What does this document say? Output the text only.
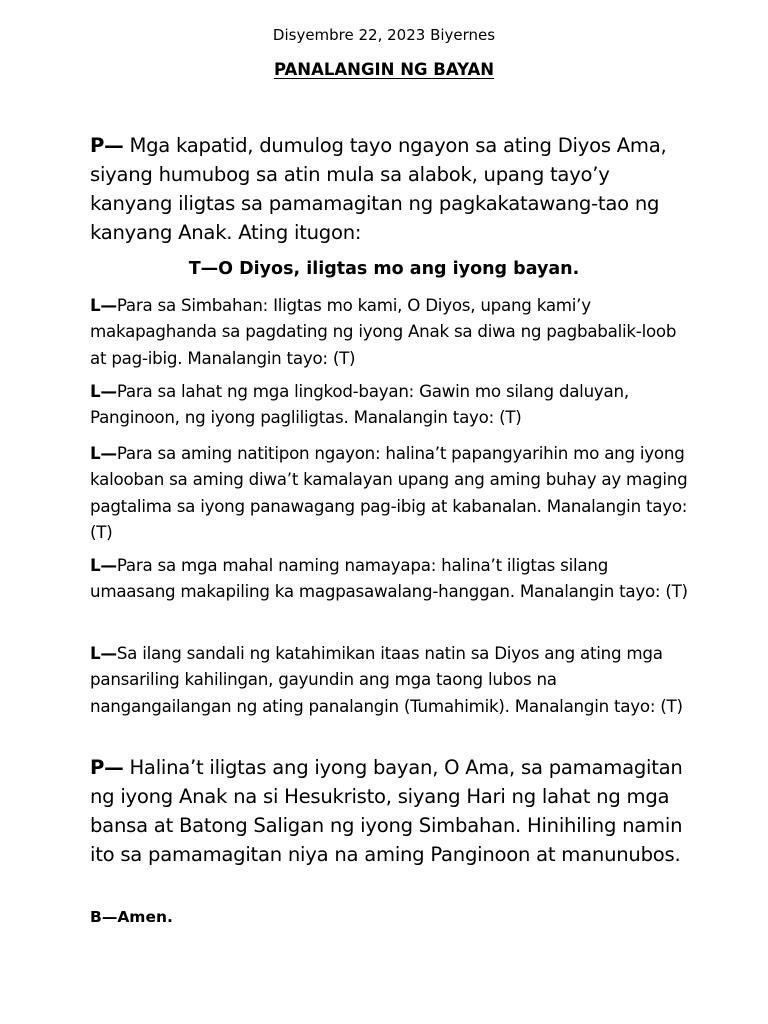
Disyembre 22, 2023 Biyernes
PANALANGIN NG BAYAN

P— Mga kapatid, dumulog tayo ngayon sa ating Diyos Ama, siyang humubog sa atin mula sa alabok, upang tayo’y kanyang iligtas sa pamamagitan ng pagkakatawang-tao ng kanyang Anak. Ating itugon:

T—O Diyos, iligtas mo ang iyong bayan.

L—Para sa Simbahan: Iligtas mo kami, O Diyos, upang kami’y makapaghanda sa pagdating ng iyong Anak sa diwa ng pagbabalik-loob at pag-ibig. Manalangin tayo: (T)

L—Para sa lahat ng mga lingkod-bayan: Gawin mo silang daluyan, Panginoon, ng iyong pagliligtas. Manalangin tayo: (T)

L—Para sa aming natitipon ngayon: halina’t papangyarihin mo ang iyong kalooban sa aming diwa’t kamalayan upang ang aming buhay ay maging pagtalima sa iyong panawagang pag-ibig at kabanalan. Manalangin tayo: (T)

L—Para sa mga mahal naming namayapa: halina’t iligtas silang umaasang makapiling ka magpasawalang-hanggan. Manalangin tayo: (T)

L—Sa ilang sandali ng katahimikan itaas natin sa Diyos ang ating mga pansariling kahilingan, gayundin ang mga taong lubos na nangangailangan ng ating panalangin (Tumahimik). Manalangin tayo: (T)

P— Halina’t iligtas ang iyong bayan, O Ama, sa pamamagitan ng iyong Anak na si Hesukristo, siyang Hari ng lahat ng mga bansa at Batong Saligan ng iyong Simbahan. Hinihiling namin ito sa pamamagitan niya na aming Panginoon at manunubos.

B—Amen.
